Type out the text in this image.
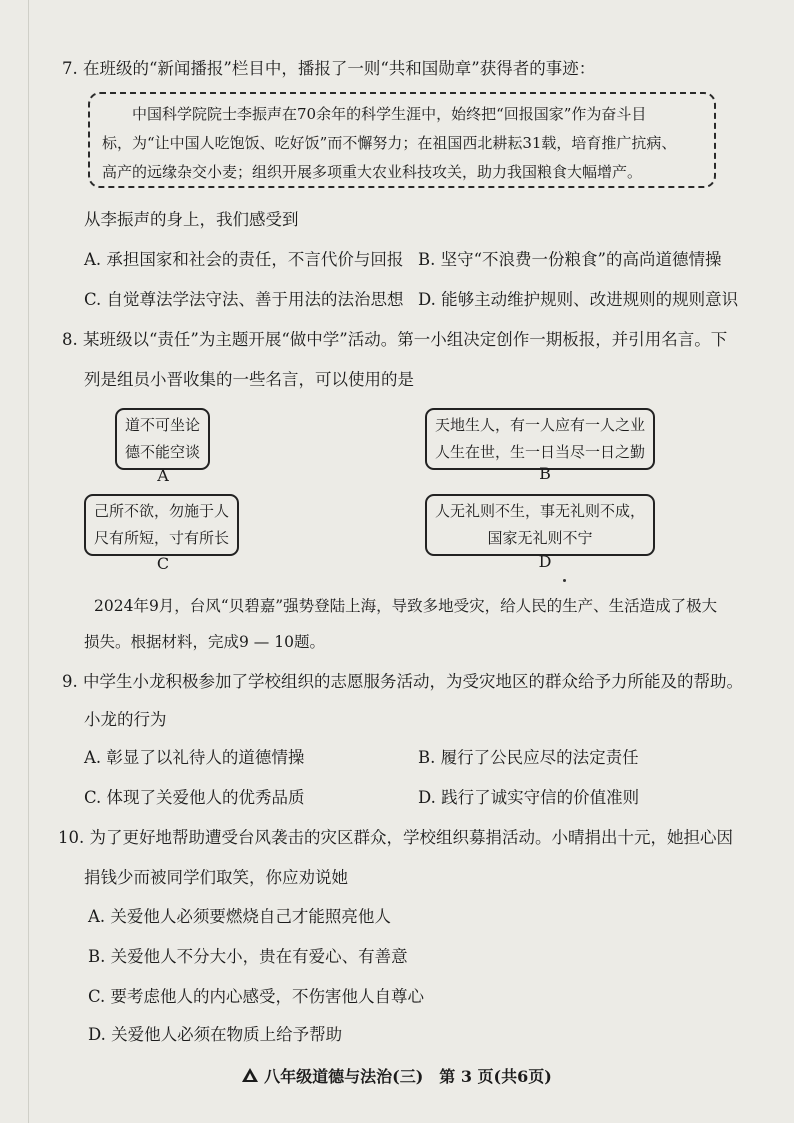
7. 在班级的“新闻播报”栏目中，播报了一则“共和国勋章”获得者的事迹：

中国科学院院士李振声在70余年的科学生涯中，始终把“回报国家”作为奋斗目

标，为“让中国人吃饱饭、吃好饭”而不懈努力；在祖国西北耕耘31载，培育推广抗病、

高产的远缘杂交小麦；组织开展多项重大农业科技攻关，助力我国粮食大幅增产。

从李振声的身上，我们感受到
A. 承担国家和社会的责任，不言代价与回报 B. 坚守“不浪费一份粮食”的高尚道德情操
C. 自觉尊法学法守法、善于用法的法治思想 D. 能够主动维护规则、改进规则的规则意识
8. 某班级以“责任”为主题开展“做中学”活动。第一小组决定创作一期板报，并引用名言。下
列是组员小晋收集的一些名言，可以使用的是
道不可坐论
德不能空谈
A
天地生人，有一人应有一人之业
人生在世，生一日当尽一日之勤
B
己所不欲，勿施于人
尺有所短，寸有所长
C
人无礼则不生，事无礼则不成，
国家无礼则不宁
D
2024年9月，台风“贝碧嘉”强势登陆上海，导致多地受灾，给人民的生产、生活造成了极大
损失。根据材料，完成9 — 10题。
9. 中学生小龙积极参加了学校组织的志愿服务活动，为受灾地区的群众给予力所能及的帮助。
小龙的行为
A. 彰显了以礼待人的道德情操	B. 履行了公民应尽的法定责任
C. 体现了关爱他人的优秀品质	D. 践行了诚实守信的价值准则
10. 为了更好地帮助遭受台风袭击的灾区群众，学校组织募捐活动。小晴捐出十元，她担心因
捐钱少而被同学们取笑，你应劝说她
A. 关爱他人必须要燃烧自己才能照亮他人
B. 关爱他人不分大小，贵在有爱心、有善意
C. 要考虑他人的内心感受，不伤害他人自尊心
D. 关爱他人必须在物质上给予帮助
八年级道德与法治(三)　第 3 页(共6页)
